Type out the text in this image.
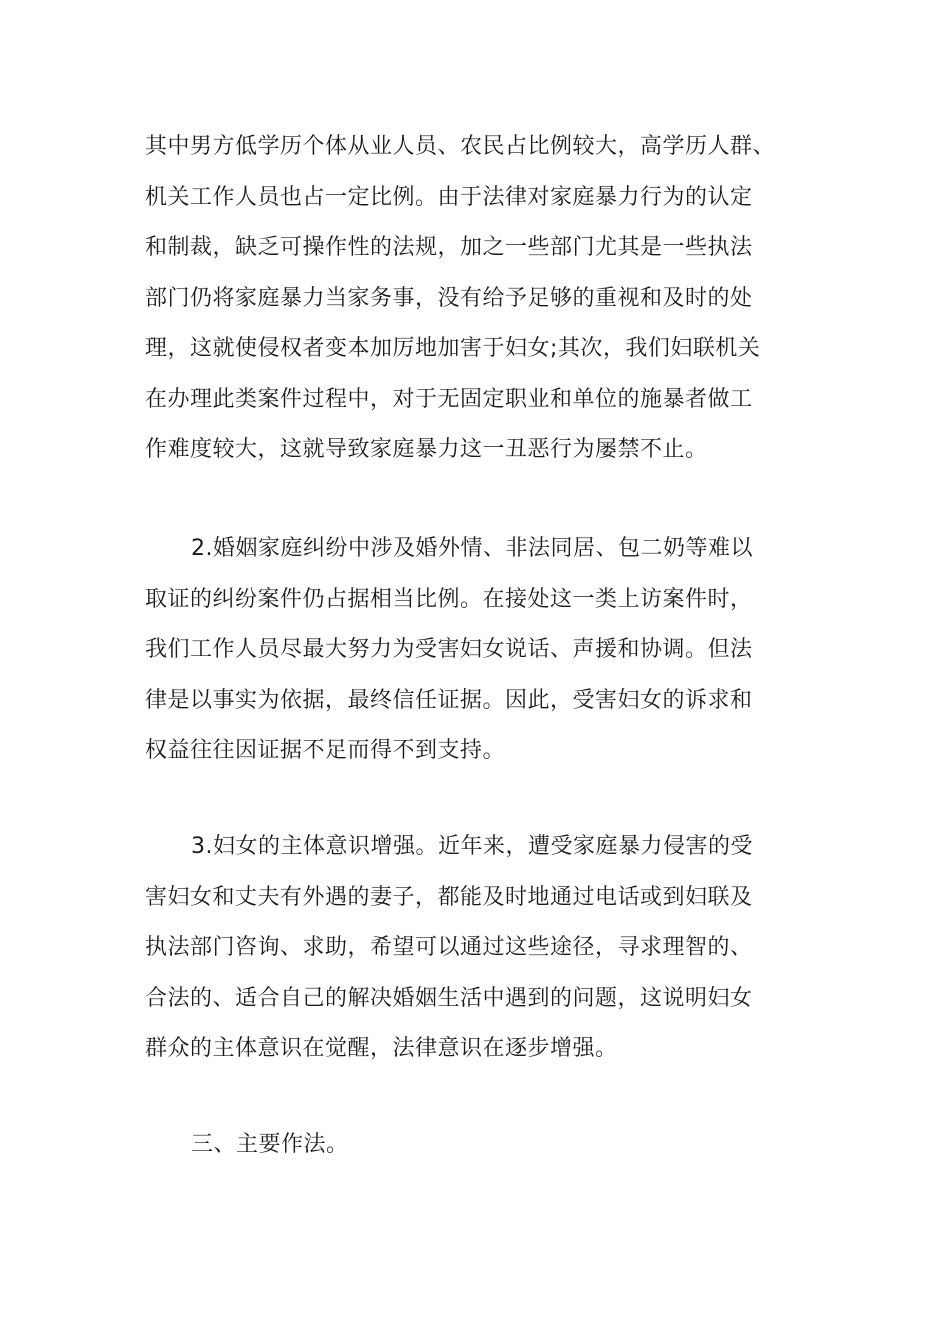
其中男方低学历个体从业人员、农民占比例较大，高学历人群、
机关工作人员也占一定比例。由于法律对家庭暴力行为的认定
和制裁，缺乏可操作性的法规，加之一些部门尤其是一些执法
部门仍将家庭暴力当家务事，没有给予足够的重视和及时的处
理，这就使侵权者变本加厉地加害于妇女;其次，我们妇联机关
在办理此类案件过程中，对于无固定职业和单位的施暴者做工
作难度较大，这就导致家庭暴力这一丑恶行为屡禁不止。

2.婚姻家庭纠纷中涉及婚外情、非法同居、包二奶等难以
取证的纠纷案件仍占据相当比例。在接处这一类上访案件时，
我们工作人员尽最大努力为受害妇女说话、声援和协调。但法
律是以事实为依据，最终信任证据。因此，受害妇女的诉求和
权益往往因证据不足而得不到支持。

3.妇女的主体意识增强。近年来，遭受家庭暴力侵害的受
害妇女和丈夫有外遇的妻子，都能及时地通过电话或到妇联及
执法部门咨询、求助，希望可以通过这些途径，寻求理智的、
合法的、适合自己的解决婚姻生活中遇到的问题，这说明妇女
群众的主体意识在觉醒，法律意识在逐步增强。

三、主要作法。
